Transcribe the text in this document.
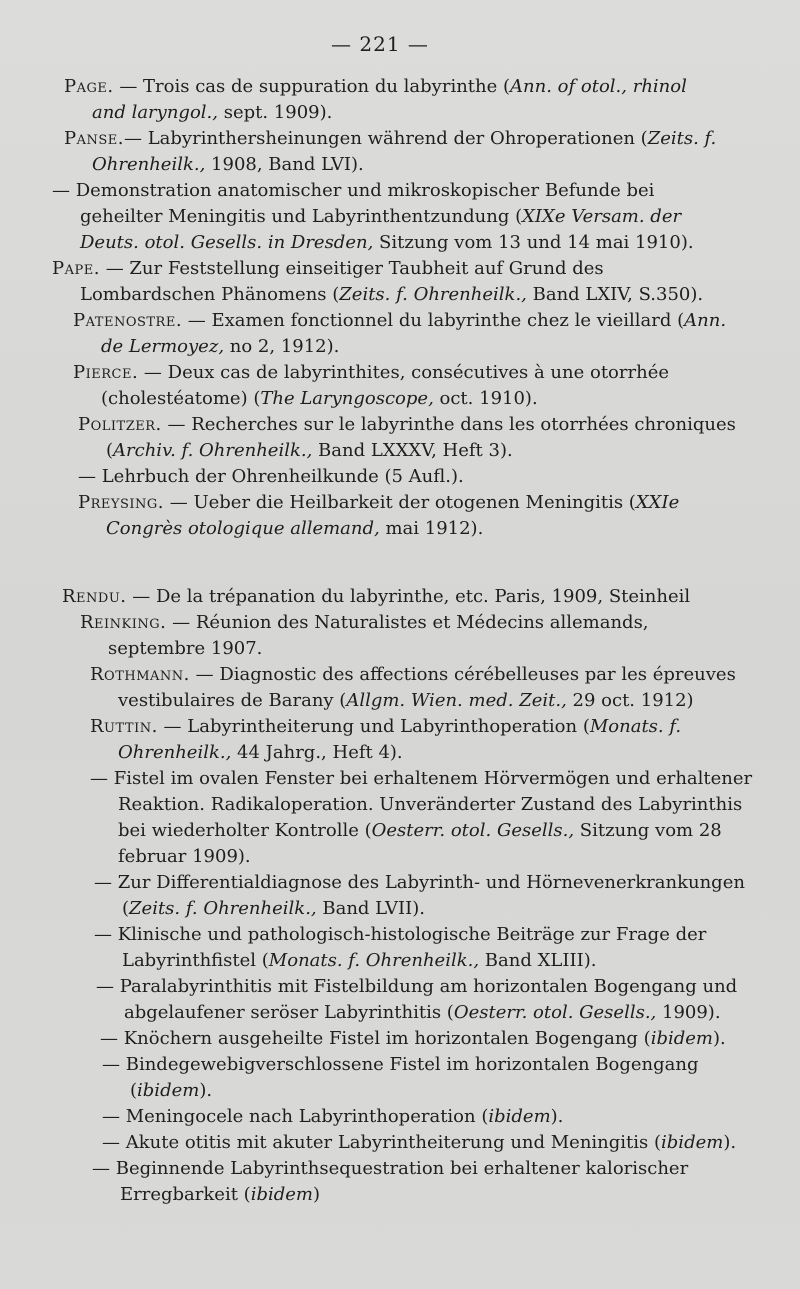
— 221 —

Page. — Trois cas de suppuration du labyrinthe (Ann. of otol., rhinol and laryngol., sept. 1909).

Panse.— Labyrinthersheinungen während der Ohroperationen (Zeits. f. Ohrenheilk., 1908, Band LVI).

— Demonstration anatomischer und mikroskopischer Befunde bei geheilter Meningitis und Labyrinthentzundung (XIXe Versam. der Deuts. otol. Gesells. in Dresden, Sitzung vom 13 und 14 mai 1910).

Pape. — Zur Feststellung einseitiger Taubheit auf Grund des Lombardschen Phänomens (Zeits. f. Ohrenheilk., Band LXIV, S.350).

Patenostre. — Examen fonctionnel du labyrinthe chez le vieillard (Ann. de Lermoyez, no 2, 1912).

Pierce. — Deux cas de labyrinthites, consécutives à une otorrhée (cholestéatome) (The Laryngoscope, oct. 1910).

Politzer. — Recherches sur le labyrinthe dans les otorrhées chroniques (Archiv. f. Ohrenheilk., Band LXXXV, Heft 3).

— Lehrbuch der Ohrenheilkunde (5 Aufl.).

Preysing. — Ueber die Heilbarkeit der otogenen Meningitis (XXIe Congrès otologique allemand, mai 1912).

Rendu. — De la trépanation du labyrinthe, etc. Paris, 1909, Steinheil

Reinking. — Réunion des Naturalistes et Médecins allemands, septembre 1907.

Rothmann. — Diagnostic des affections cérébelleuses par les épreuves vestibulaires de Barany (Allgm. Wien. med. Zeit., 29 oct. 1912)

Ruttin. — Labyrintheiterung und Labyrinthoperation (Monats. f. Ohrenheilk., 44 Jahrg., Heft 4).

— Fistel im ovalen Fenster bei erhaltenem Hörvermögen und erhaltener Reaktion. Radikaloperation. Unveränderter Zustand des Labyrinthis bei wiederholter Kontrolle (Oesterr. otol. Gesells., Sitzung vom 28 februar 1909).

— Zur Differentialdiagnose des Labyrinth- und Hörnevenerkrankungen (Zeits. f. Ohrenheilk., Band LVII).

— Klinische und pathologisch-histologische Beiträge zur Frage der Labyrinthfistel (Monats. f. Ohrenheilk., Band XLIII).

— Paralabyrinthitis mit Fistelbildung am horizontalen Bogengang und abgelaufener seröser Labyrinthitis (Oesterr. otol. Gesells., 1909).

— Knöchern ausgeheilte Fistel im horizontalen Bogengang (ibidem).

— Bindegewebigverschlossene Fistel im horizontalen Bogengang (ibidem).

— Meningocele nach Labyrinthoperation (ibidem).

— Akute otitis mit akuter Labyrintheiterung und Meningitis (ibidem).

— Beginnende Labyrinthsequestration bei erhaltener kalorischer Erregbarkeit (ibidem)
